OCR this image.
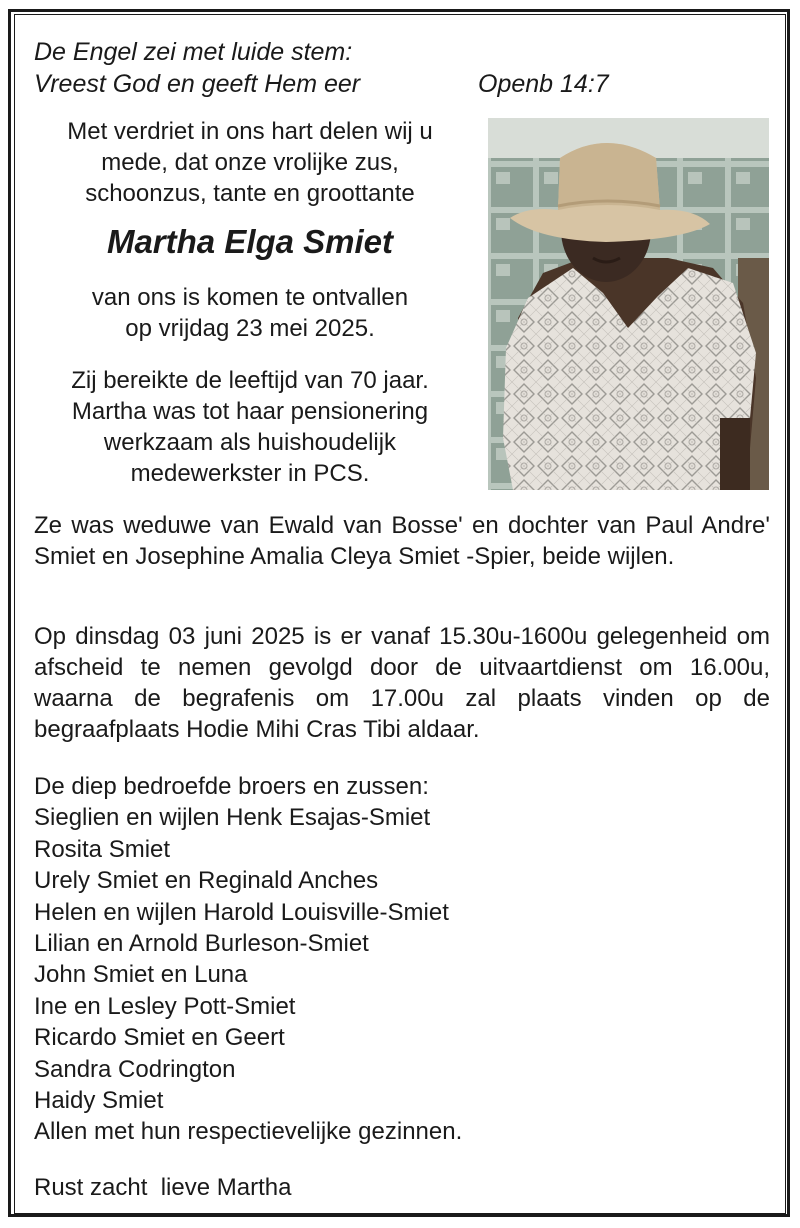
De Engel zei met luide stem:
Vreest God en geeft Hem eer	Openb 14:7
Met verdriet in ons hart delen wij u
mede, dat onze vrolijke zus,
schoonzus, tante en groottante
Martha Elga Smiet
van ons is komen te ontvallen
op vrijdag 23 mei 2025.
Zij bereikte de leeftijd van 70 jaar.
Martha was tot haar pensionering
werkzaam als huishoudelijk
medewerkster in PCS.
Ze was weduwe van Ewald van Bosse' en dochter van Paul Andre' Smiet en Josephine Amalia Cleya Smiet -Spier, beide wijlen.
Op dinsdag 03 juni 2025 is er vanaf 15.30u-1600u gelegenheid om afscheid te nemen gevolgd door de uitvaartdienst om 16.00u, waarna de begrafenis om 17.00u zal plaats vinden op de begraafplaats Hodie Mihi Cras Tibi aldaar.
De diep bedroefde broers en zussen:
Sieglien en wijlen Henk Esajas-Smiet
Rosita Smiet
Urely Smiet en Reginald Anches
Helen en wijlen Harold Louisville-Smiet
Lilian en Arnold Burleson-Smiet
John Smiet en Luna
Ine en Lesley Pott-Smiet
Ricardo Smiet en Geert
Sandra Codrington
Haidy Smiet
Allen met hun respectievelijke gezinnen.
Rust zacht  lieve Martha
